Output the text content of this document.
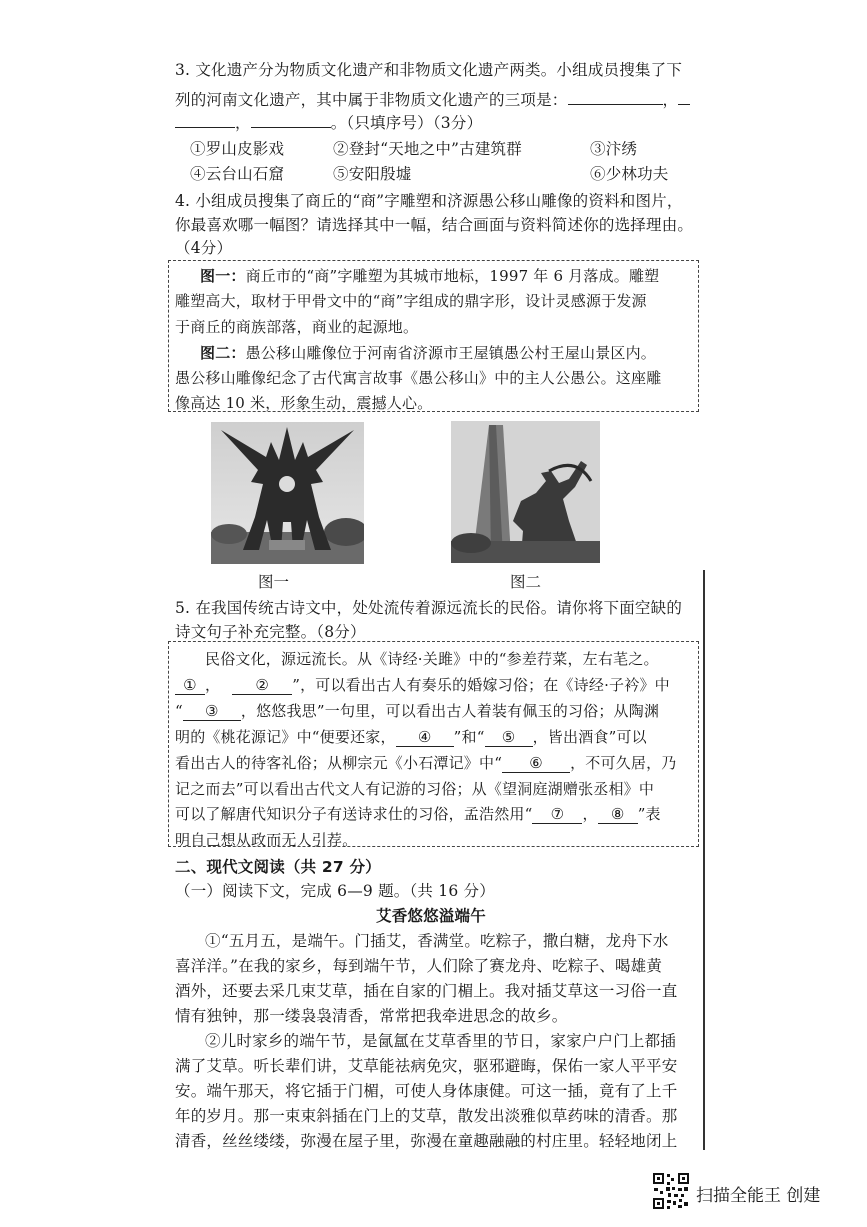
3. 文化遗产分为物质文化遗产和非物质文化遗产两类。小组成员搜集了下
列的河南文化遗产，其中属于非物质文化遗产的三项是：	，
，	。（只填序号）（3分）
①罗山皮影戏	②登封“天地之中”古建筑群	③汴绣
④云台山石窟	⑤安阳殷墟	⑥少林功夫
4. 小组成员搜集了商丘的“商”字雕塑和济源愚公移山雕像的资料和图片，
你最喜欢哪一幅图？请选择其中一幅，结合画面与资料简述你的选择理由。
（4分）
图一：商丘市的“商”字雕塑为其城市地标，1997 年 6 月落成。雕塑
雕塑高大，取材于甲骨文中的“商”字组成的鼎字形，设计灵感源于发源
于商丘的商族部落，商业的起源地。
图二：愚公移山雕像位于河南省济源市王屋镇愚公村王屋山景区内。
愚公移山雕像纪念了古代寓言故事《愚公移山》中的主人公愚公。这座雕
像高达 10 米，形象生动，震撼人心。
图一	图二
5. 在我国传统古诗文中，处处流传着源远流长的民俗。请你将下面空缺的
诗文句子补充完整。（8分）
民俗文化，源远流长。从《诗经·关雎》中的“参差荇菜，左右芼之。
① ， ② ”，可以看出古人有奏乐的婚嫁习俗；在《诗经·子衿》中
“ ③ ，悠悠我思”一句里，可以看出古人着装有佩玉的习俗；从陶渊
明的《桃花源记》中“便要还家， ④ ”和“ ⑤ ，皆出酒食”可以
看出古人的待客礼俗；从柳宗元《小石潭记》中“ ⑥ ，不可久居，乃
记之而去”可以看出古代文人有记游的习俗；从《望洞庭湖赠张丞相》中
可以了解唐代知识分子有送诗求仕的习俗，孟浩然用“ ⑦ ， ⑧ ”表
明自己想从政而无人引荐。
二、现代文阅读（共 27 分）
（一）阅读下文，完成 6—9 题。（共 16 分）
艾香悠悠溢端午
①“五月五，是端午。门插艾，香满堂。吃粽子，撒白糖，龙舟下水
喜洋洋。”在我的家乡，每到端午节，人们除了赛龙舟、吃粽子、喝雄黄
酒外，还要去采几束艾草，插在自家的门楣上。我对插艾草这一习俗一直
情有独钟，那一缕袅袅清香，常常把我牵进思念的故乡。
②儿时家乡的端午节，是氤氲在艾草香里的节日，家家户户门上都插
满了艾草。听长辈们讲，艾草能祛病免灾，驱邪避晦，保佑一家人平平安
安。端午那天，将它插于门楣，可使人身体康健。可这一插，竟有了上千
年的岁月。那一束束斜插在门上的艾草，散发出淡雅似草药味的清香。那
清香，丝丝缕缕，弥漫在屋子里，弥漫在童趣融融的村庄里。轻轻地闭上
扫描全能王 创建
